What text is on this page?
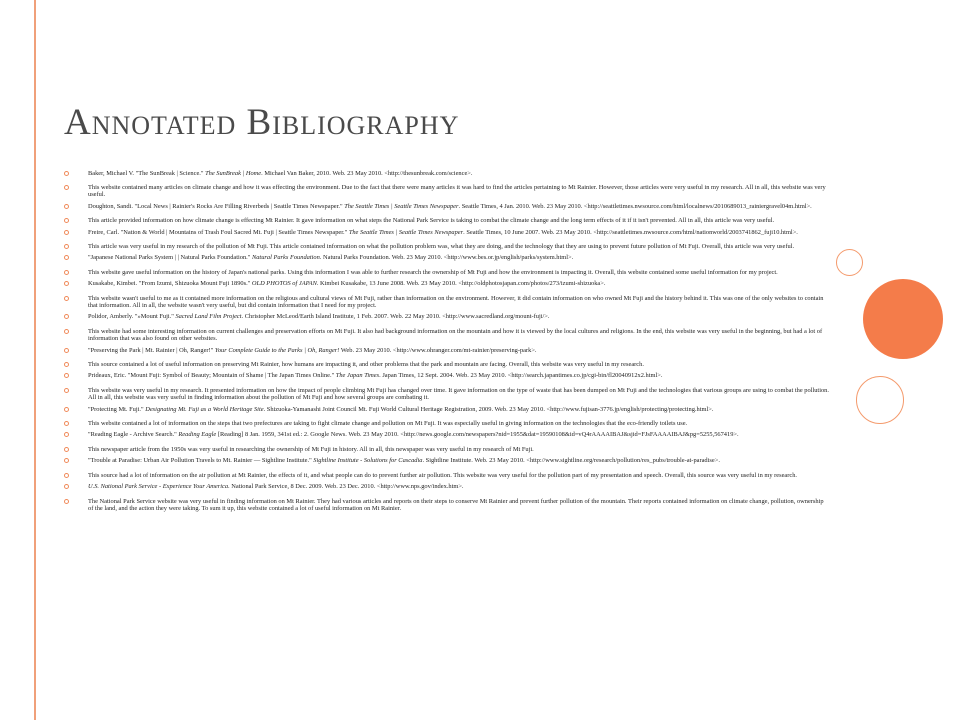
Annotated Bibliography
Baker, Michael V. "The SunBreak | Science." The SunBreak | Home. Michael Van Baker, 2010. Web. 23 May 2010. <http://thesunbreak.com/science>.
This website contained many articles on climate change and how it was effecting the environment. Due to the fact that there were many articles it was hard to find the articles pertaining to Mt Rainier. However, those articles were very useful in my research. All in all, this website was very useful.
Doughton, Sandi. "Local News | Rainier's Rocks Are Filling Riverbeds | Seattle Times Newspaper." The Seattle Times | Seattle Times Newspaper. Seattle Times, 4 Jan. 2010. Web. 23 May 2010. <http://seattletimes.nwsource.com/html/localnews/2010689013_rainiergravel04m.html>.
This article provided information on how climate change is effecting Mt Rainier. It gave information on what steps the National Park Service is taking to combat the climate change and the long term effects of it if it isn't prevented. All in all, this article was very useful.
Freire, Carl. "Nation & World | Mountains of Trash Foul Sacred Mt. Fuji | Seattle Times Newspaper." The Seattle Times | Seattle Times Newspaper. Seattle Times, 10 June 2007. Web. 23 May 2010. <http://seattletimes.nwsource.com/html/nationworld/2003741862_fuji10.html>.
This article was very useful in my research of the pollution of Mt Fuji. This article contained information on what the pollution problem was, what they are doing, and the technology that they are using to prevent future pollution of Mt Fuji. Overall, this article was very useful.
"Japanese National Parks System | | Natural Parks Foundation." Natural Parks Foundation. Natural Parks Foundation. Web. 23 May 2010. <http://www.bes.or.jp/english/parks/system.html>.
This website gave useful information on the history of Japan's national parks. Using this information I was able to further research the ownership of Mt Fuji and how the environment is impacting it. Overall, this website contained some useful information for my project.
Kusakabe, Kimbei. "From Izumi, Shizuoka Mount Fuji 1890s." OLD PHOTOS of JAPAN. Kimbei Kusakabe, 13 June 2008. Web. 23 May 2010. <http://oldphotosjapan.com/photos/273/izumi-shizuoka>.
This website wasn't useful to me as it contained more information on the religious and cultural views of Mt Fuji, rather than information on the environment. However, it did contain information on who owned Mt Fuji and the history behind it. This was one of the only websites to contain that information. All in all, the website wasn't very useful, but did contain information that I need for my project.
Polidor, Amberly. "»Mount Fuji." Sacred Land Film Project. Christopher McLeod/Earth Island Institute, 1 Feb. 2007. Web. 22 May 2010. <http://www.sacredland.org/mount-fuji/>.
This website had some interesting information on current challenges and preservation efforts on Mt Fuji. It also had background information on the mountain and how it is viewed by the local cultures and religions. In the end, this website was very useful in the beginning, but had a lot of information that was also found on other websites.
"Preserving the Park | Mt. Rainier | Oh, Ranger!" Your Complete Guide to the Parks | Oh, Ranger! Web. 23 May 2010. <http://www.ohranger.com/mt-rainier/preserving-park>.
This source contained a lot of useful information on preserving Mt Rainier, how humans are impacting it, and other problems that the park and mountain are facing. Overall, this website was very useful in my research.
Prideaux, Eric. "Mount Fuji: Symbol of Beauty; Mountain of Shame | The Japan Times Online." The Japan Times. Japan Times, 12 Sept. 2004. Web. 23 May 2010. <http://search.japantimes.co.jp/cgi-bin/fl20040912x2.html>.
This website was very useful in my research. It presented information on how the impact of people climbing Mt Fuji has changed over time. It gave information on the type of waste that has been dumped on Mt Fuji and the technologies that various groups are using to combat the pollution. All in all, this website was very useful in finding information about the pollution of Mt Fuji and how several groups are combating it.
"Protecting Mt. Fuji." Designating Mt. Fuji as a World Heritage Site. Shizuoka-Yamanashi Joint Council Mt. Fuji World Cultural Heritage Registration, 2009. Web. 23 May 2010. <http://www.fujisan-3776.jp/english/protecting/protecting.html>.
This website contained a lot of information on the steps that two prefectures are taking to fight climate change and pollution on Mt Fuji. It was especially useful in giving information on the technologies that the eco-friendly toilets use.
"Reading Eagle - Archive Search." Reading Eagle [Reading] 8 Jan. 1959, 341st ed.: 2. Google News. Web. 23 May 2010. <http://news.google.com/newspapers?nid=1955&dat=19590108&id=vQ4rAAAAIBAJ&sjid=FJsFAAAAIBAJ&pg=5255,567419>.
This newspaper article from the 1950s was very useful in researching the ownership of Mt Fuji in history. All in all, this newspaper was very useful in my research of Mt Fuji.
"Trouble at Paradise: Urban Air Pollution Travels to Mt. Rainier — Sightline Institute." Sightline Institute - Solutions for Cascadia. Sightline Institute. Web. 23 May 2010. <http://www.sightline.org/research/pollution/res_pubs/trouble-at-paradise>.
This source had a lot of information on the air pollution at Mt Rainier, the effects of it, and what people can do to prevent further air pollution. This website was very useful for the pollution part of my presentation and speech. Overall, this source was very useful in my research.
U.S. National Park Service - Experience Your America. National Park Service, 8 Dec. 2009. Web. 23 Dec. 2010. <http://www.nps.gov/index.htm>.
The National Park Service website was very useful in finding information on Mt Rainier. They had various articles and reports on their steps to conserve Mt Rainier and prevent further pollution of the mountain. Their reports contained information on climate change, pollution, ownership of the land, and the action they were taking. To sum it up, this website contained a lot of useful information on Mt Rainier.
